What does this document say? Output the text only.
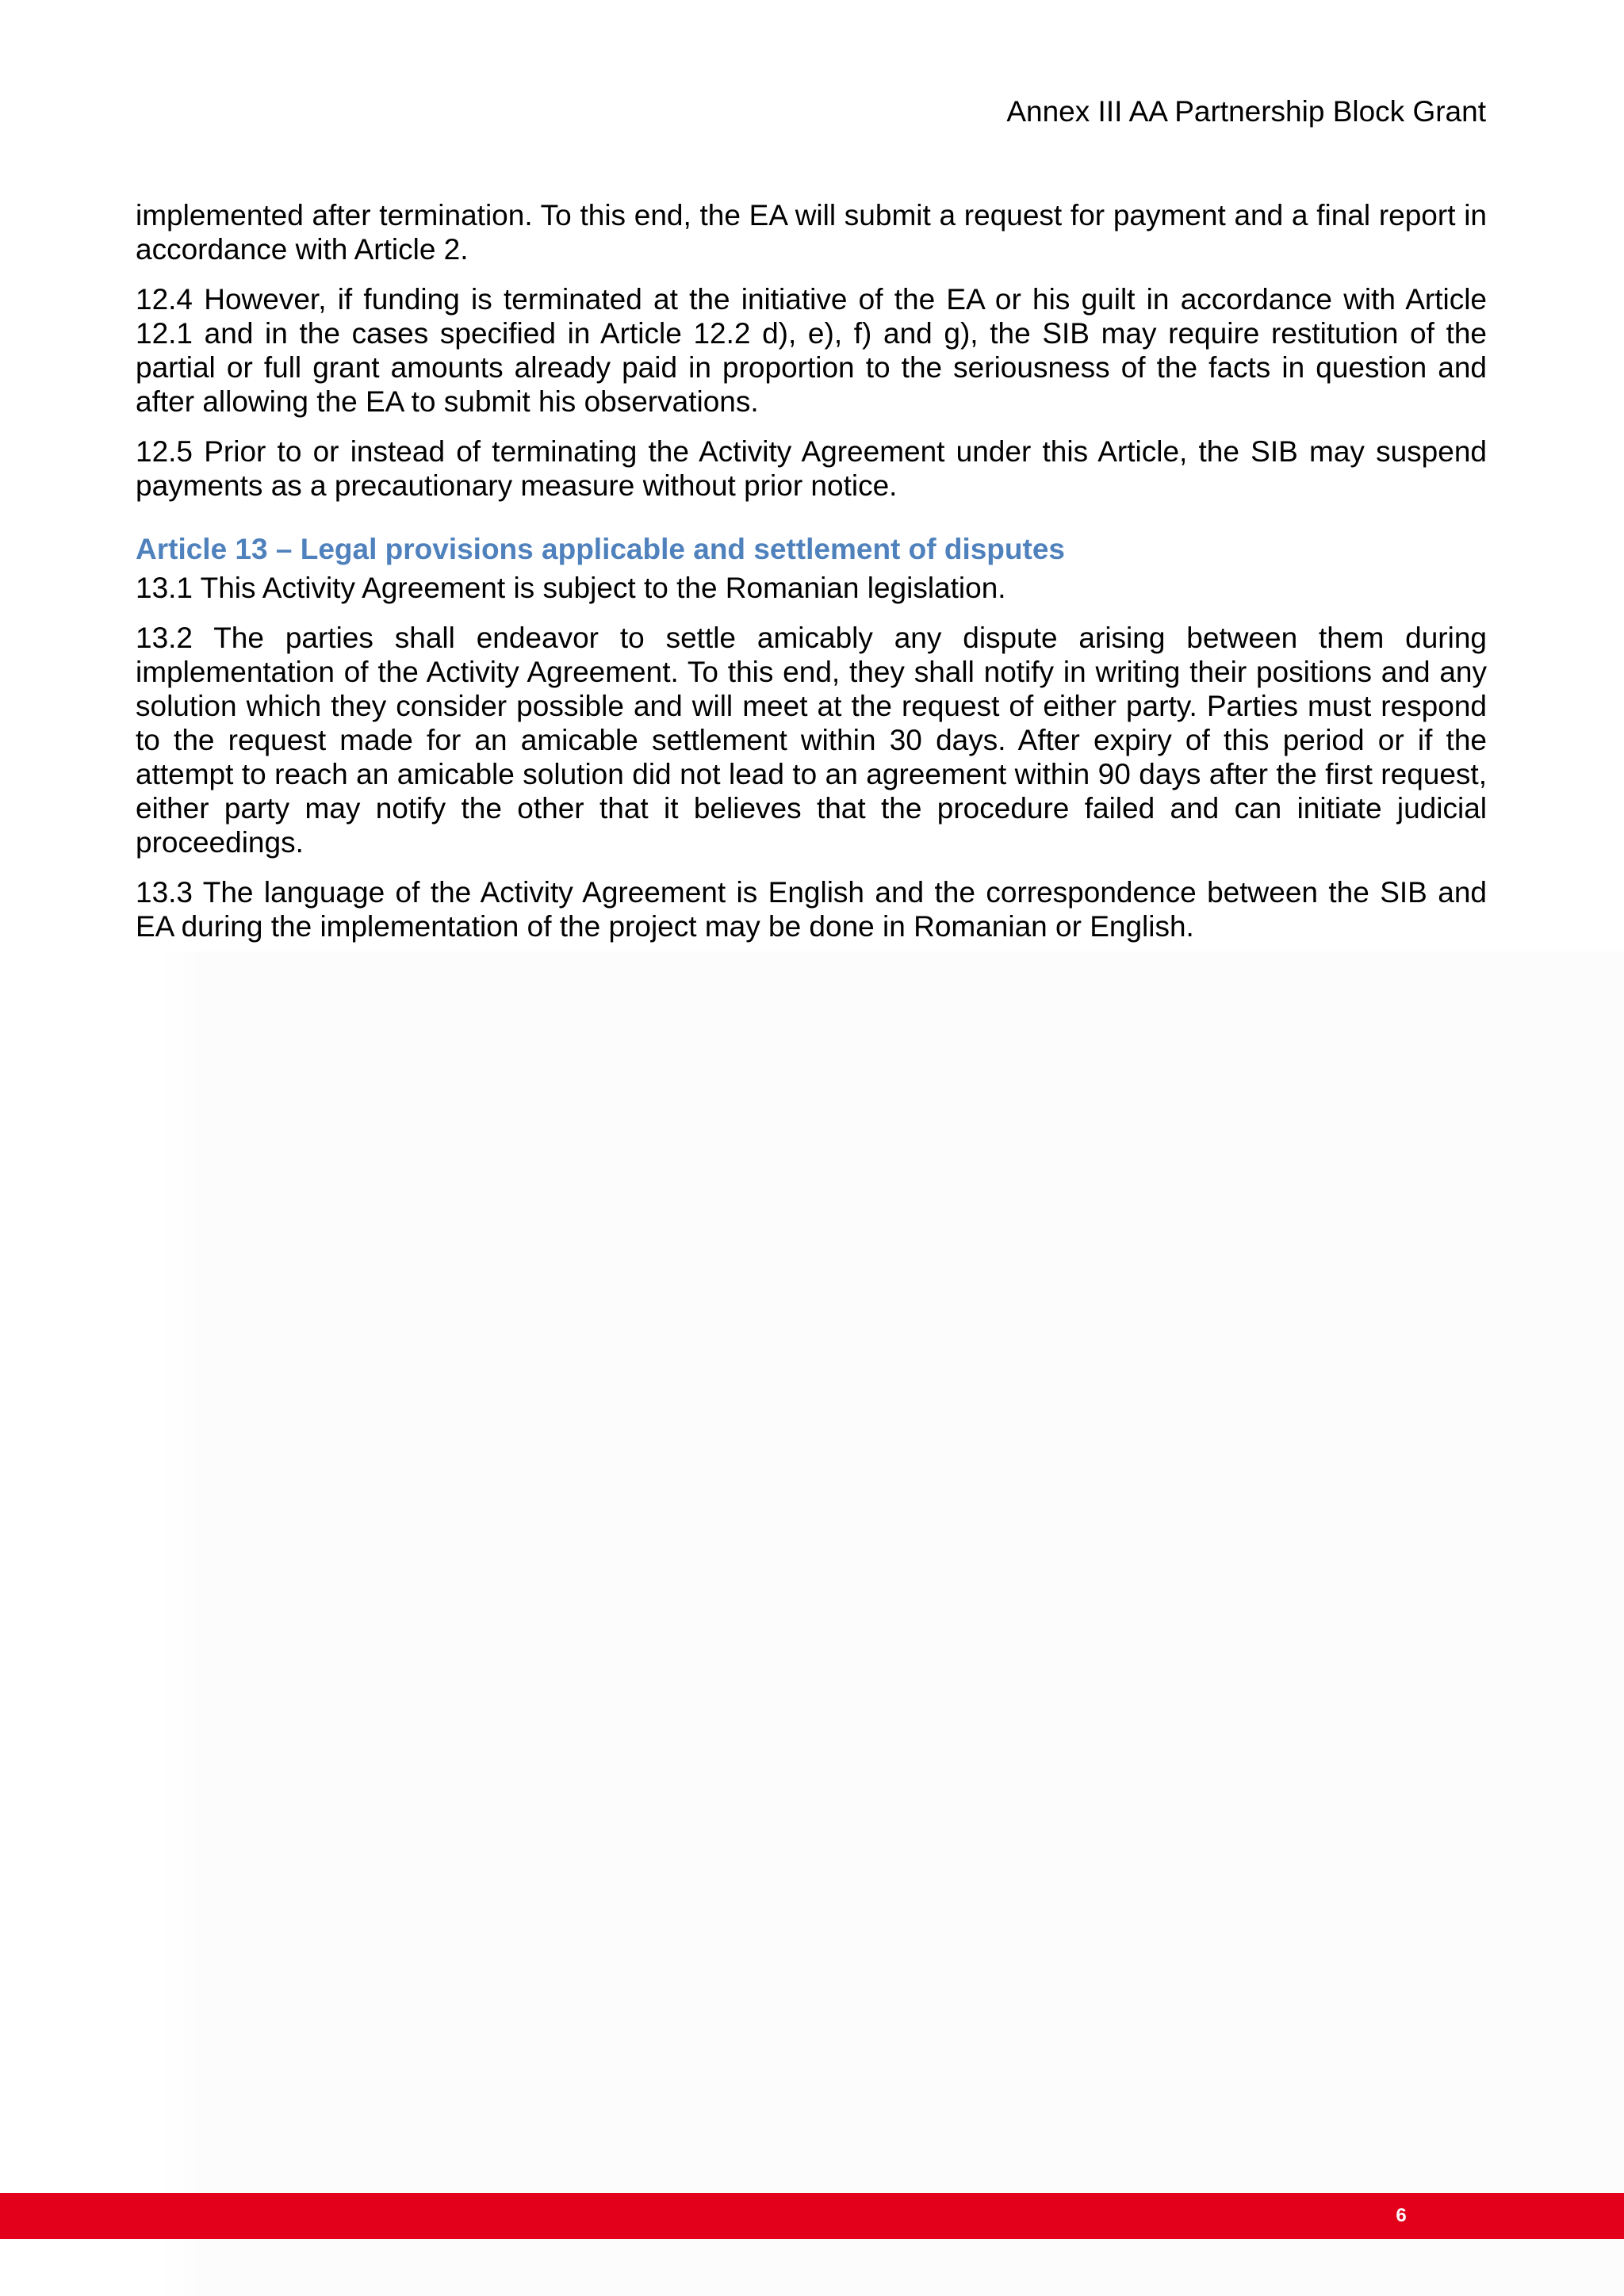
Annex III AA Partnership Block Grant

implemented after termination. To this end, the EA will submit a request for payment and a final report in accordance with Article 2.

12.4 However, if funding is terminated at the initiative of the EA or his guilt in accordance with Article 12.1 and in the cases specified in Article 12.2 d), e), f) and g), the SIB may require restitution of the partial or full grant amounts already paid in proportion to the seriousness of the facts in question and after allowing the EA to submit his observations.

12.5 Prior to or instead of terminating the Activity Agreement under this Article, the SIB may suspend payments as a precautionary measure without prior notice.

Article 13 – Legal provisions applicable and settlement of disputes

13.1 This Activity Agreement is subject to the Romanian legislation.

13.2 The parties shall endeavor to settle amicably any dispute arising between them during implementation of the Activity Agreement. To this end, they shall notify in writing their positions and any solution which they consider possible and will meet at the request of either party. Parties must respond to the request made for an amicable settlement within 30 days. After expiry of this period or if the attempt to reach an amicable solution did not lead to an agreement within 90 days after the first request, either party may notify the other that it believes that the procedure failed and can initiate judicial proceedings.

13.3 The language of the Activity Agreement is English and the correspondence between the SIB and EA during the implementation of the project may be done in Romanian or English.

6
